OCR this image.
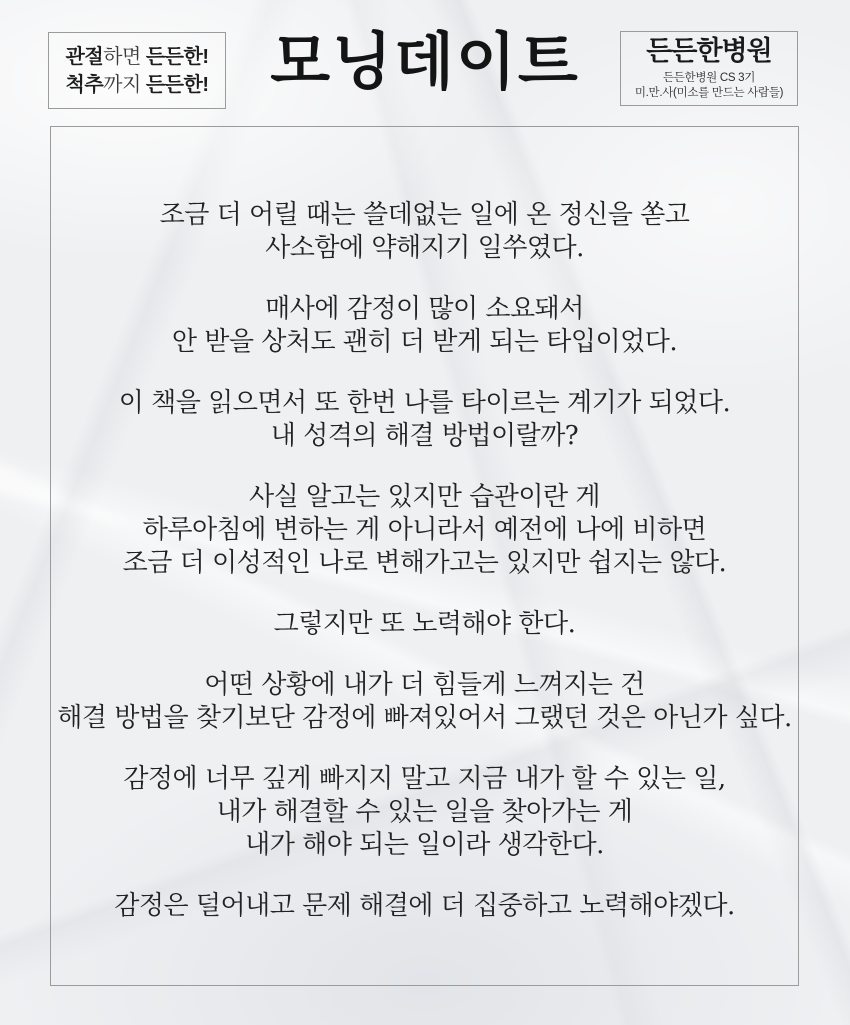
관절하면 든든한!
척추까지 든든한! 모닝데이트	든든한병원
든든한병원 CS 3기
미.만.사(미소를 만드는 사람들)
조금 더 어릴 때는 쓸데없는 일에 온 정신을 쏟고
사소함에 약해지기 일쑤였다.
매사에 감정이 많이 소요돼서
안 받을 상처도 괜히 더 받게 되는 타입이었다.
이 책을 읽으면서 또 한번 나를 타이르는 계기가 되었다.
내 성격의 해결 방법이랄까?
사실 알고는 있지만 습관이란 게
하루아침에 변하는 게 아니라서 예전에 나에 비하면
조금 더 이성적인 나로 변해가고는 있지만 쉽지는 않다.
그렇지만 또 노력해야 한다.
어떤 상황에 내가 더 힘들게 느껴지는 건
해결 방법을 찾기보단 감정에 빠져있어서 그랬던 것은 아닌가 싶다.
감정에 너무 깊게 빠지지 말고 지금 내가 할 수 있는 일,
내가 해결할 수 있는 일을 찾아가는 게
내가 해야 되는 일이라 생각한다.
감정은 덜어내고 문제 해결에 더 집중하고 노력해야겠다.
